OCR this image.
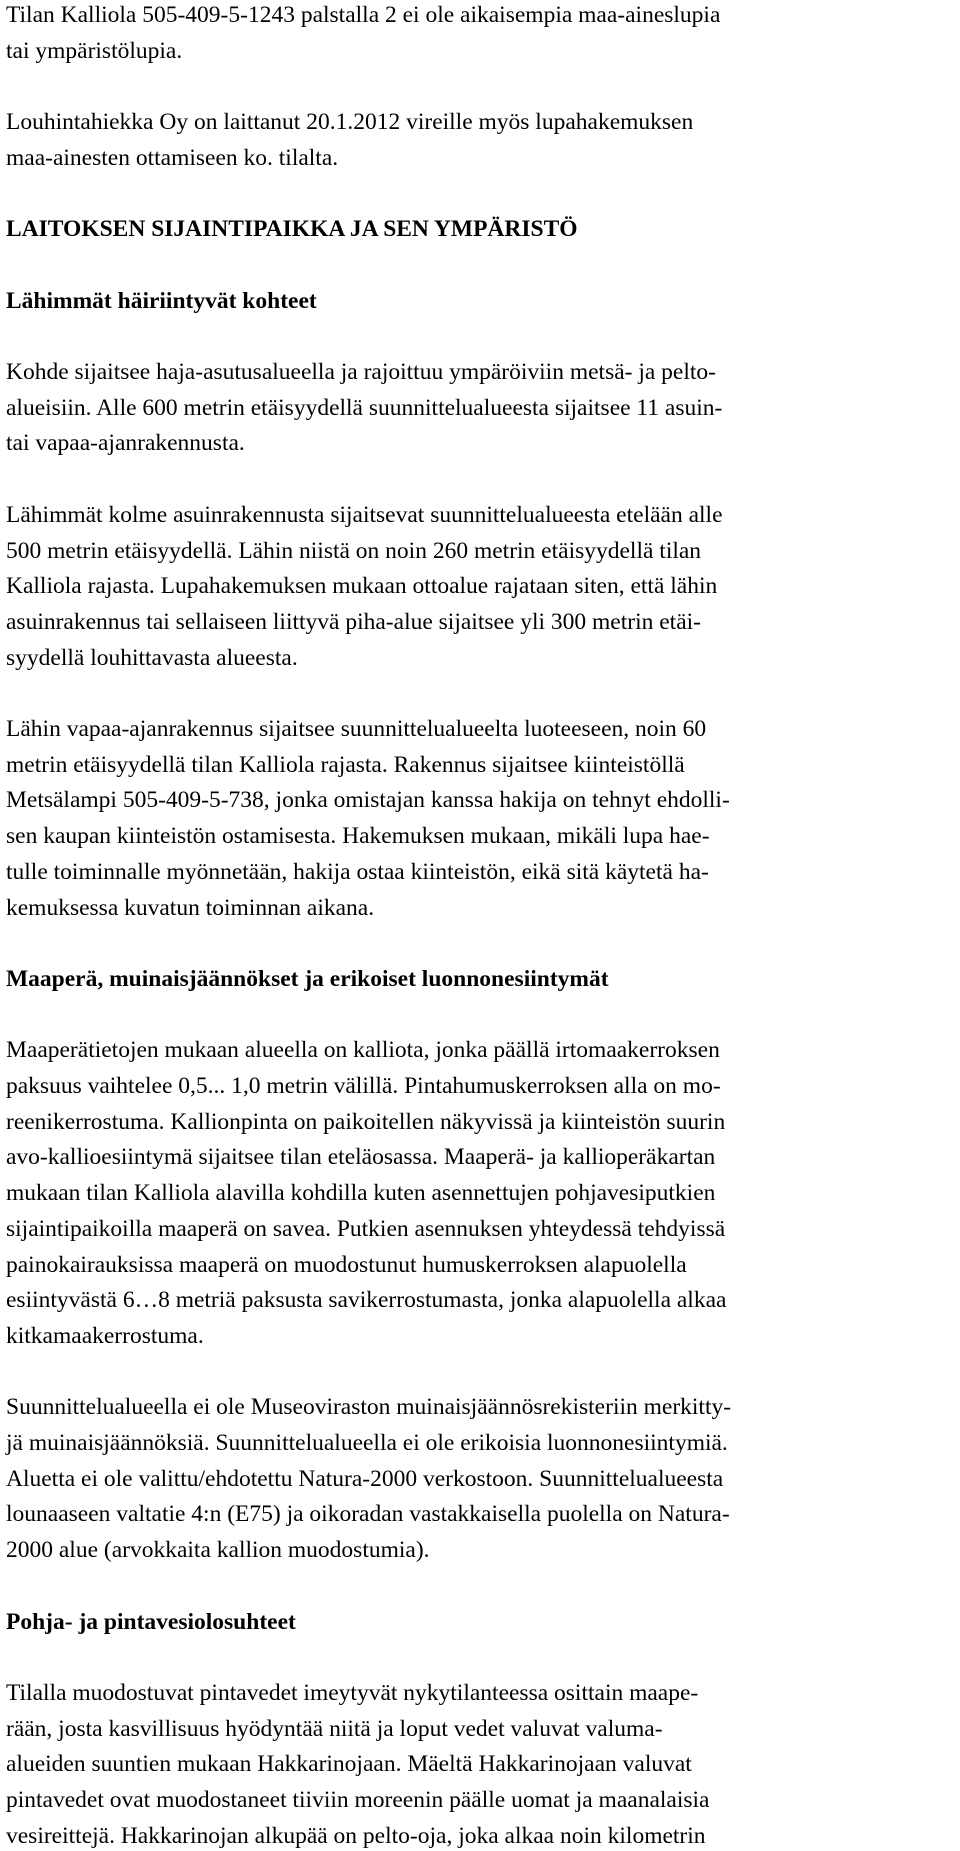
Tilan Kalliola 505-409-5-1243 palstalla 2 ei ole aikaisempia maa-aineslupia
tai ympäristölupia.
Louhintahiekka Oy on laittanut 20.1.2012 vireille myös lupahakemuksen
maa-ainesten ottamiseen ko. tilalta.
LAITOKSEN SIJAINTIPAIKKA JA SEN YMPÄRISTÖ
Lähimmät häiriintyvät kohteet
Kohde sijaitsee haja-asutusalueella ja rajoittuu ympäröiviin metsä- ja pelto-
alueisiin. Alle 600 metrin etäisyydellä suunnittelualueesta sijaitsee 11 asuin-
tai vapaa-ajanrakennusta.
Lähimmät kolme asuinrakennusta sijaitsevat suunnittelualueesta etelään alle
500 metrin etäisyydellä. Lähin niistä on noin 260 metrin etäisyydellä tilan
Kalliola rajasta. Lupahakemuksen mukaan ottoalue rajataan siten, että lähin
asuinrakennus tai sellaiseen liittyvä piha-alue sijaitsee yli 300 metrin etäi-
syydellä louhittavasta alueesta.
Lähin vapaa-ajanrakennus sijaitsee suunnittelualueelta luoteeseen, noin 60
metrin etäisyydellä tilan Kalliola rajasta. Rakennus sijaitsee kiinteistöllä
Metsälampi 505-409-5-738, jonka omistajan kanssa hakija on tehnyt ehdolli-
sen kaupan kiinteistön ostamisesta. Hakemuksen mukaan, mikäli lupa hae-
tulle toiminnalle myönnetään, hakija ostaa kiinteistön, eikä sitä käytetä ha-
kemuksessa kuvatun toiminnan aikana.
Maaperä, muinaisjäännökset ja erikoiset luonnonesiintymät
Maaperätietojen mukaan alueella on kalliota, jonka päällä irtomaakerroksen
paksuus vaihtelee 0,5... 1,0 metrin välillä. Pintahumuskerroksen alla on mo-
reenikerrostuma. Kallionpinta on paikoitellen näkyvissä ja kiinteistön suurin
avo-kallioesiintymä sijaitsee tilan eteläosassa. Maaperä- ja kallioperäkartan
mukaan tilan Kalliola alavilla kohdilla kuten asennettujen pohjavesiputkien
sijaintipaikoilla maaperä on savea. Putkien asennuksen yhteydessä tehdyissä
painokairauksissa maaperä on muodostunut humuskerroksen alapuolella
esiintyvästä 6…8 metriä paksusta savikerrostumasta, jonka alapuolella alkaa
kitkamaakerrostuma.
Suunnittelualueella ei ole Museoviraston muinaisjäännösrekisteriin merkitty-
jä muinaisjäännöksiä. Suunnittelualueella ei ole erikoisia luonnonesiintymiä.
Aluetta ei ole valittu/ehdotettu Natura-2000 verkostoon. Suunnittelualueesta
lounaaseen valtatie 4:n (E75) ja oikoradan vastakkaisella puolella on Natura-
2000 alue (arvokkaita kallion muodostumia).
Pohja- ja pintavesiolosuhteet
Tilalla muodostuvat pintavedet imeytyvät nykytilanteessa osittain maape-
rään, josta kasvillisuus hyödyntää niitä ja loput vedet valuvat valuma-
alueiden suuntien mukaan Hakkarinojaan. Mäeltä Hakkarinojaan valuvat
pintavedet ovat muodostaneet tiiviin moreenin päälle uomat ja maanalaisia
vesireittejä. Hakkarinojan alkupää on pelto-oja, joka alkaa noin kilometrin
